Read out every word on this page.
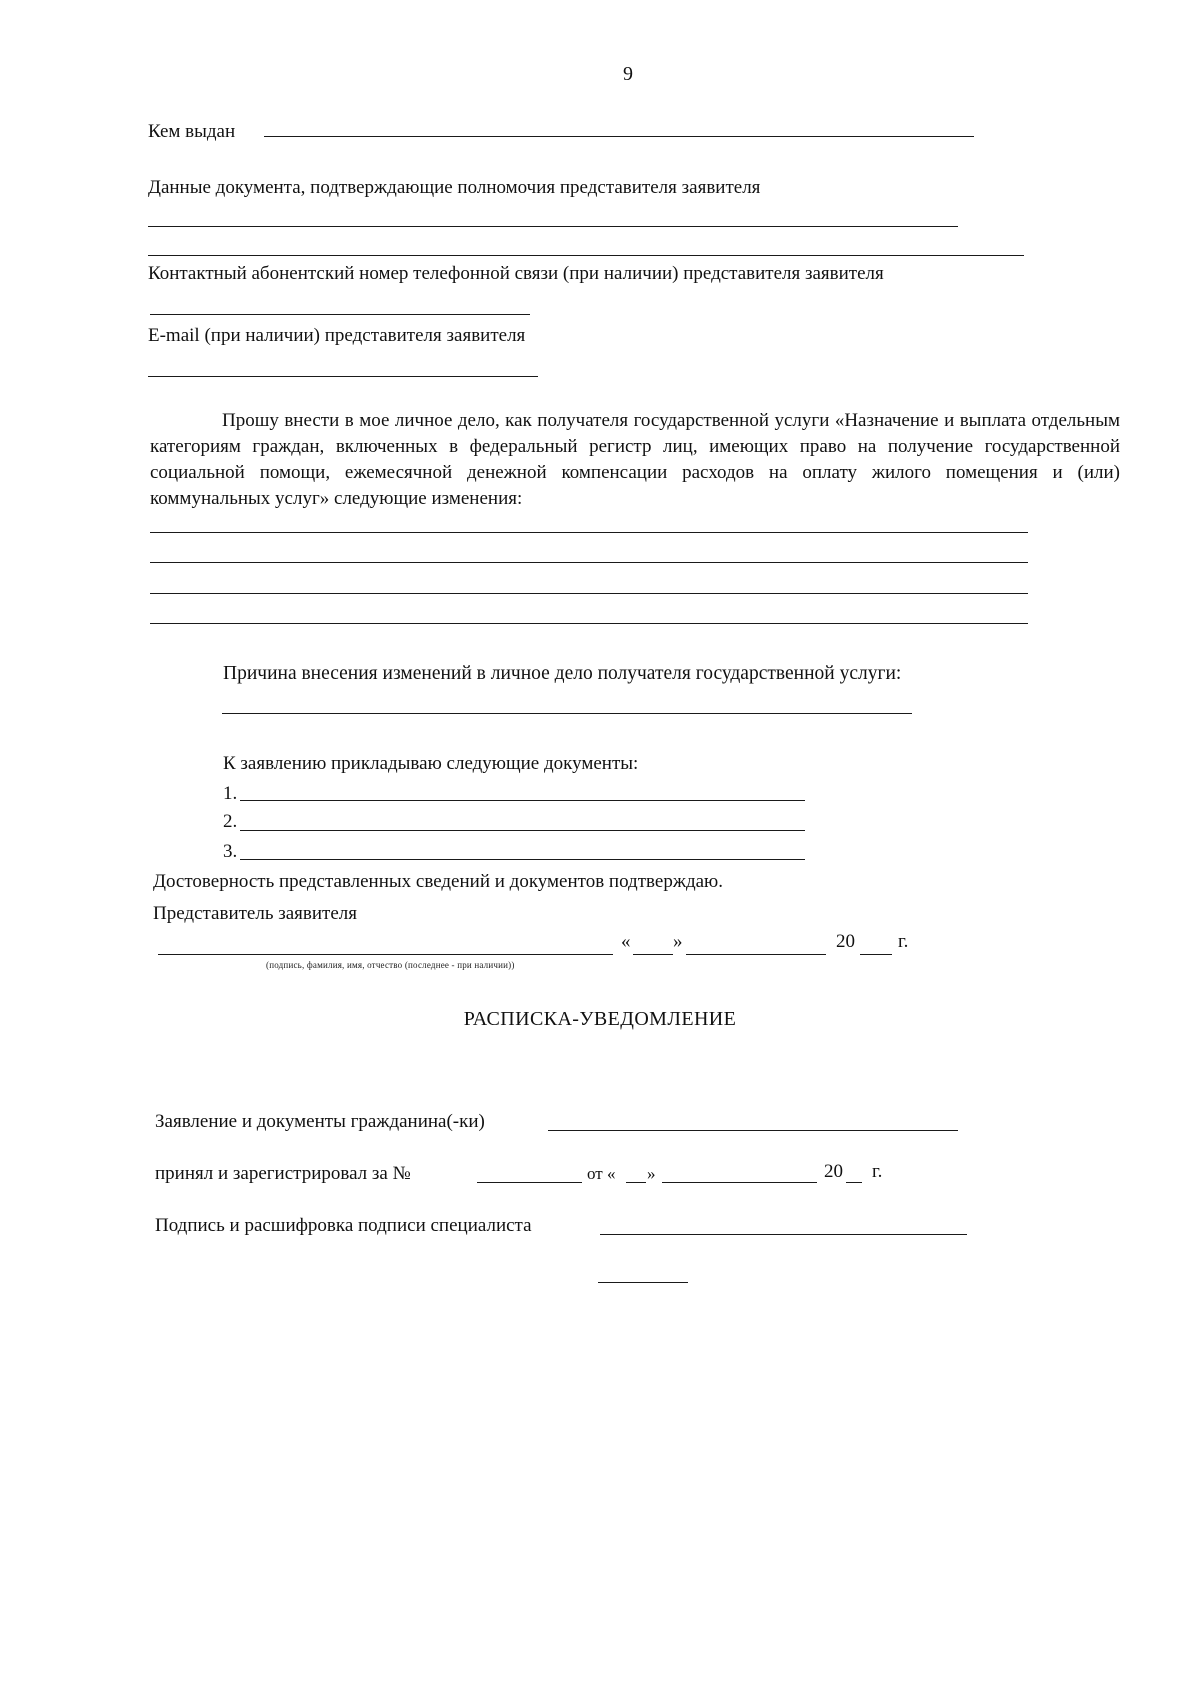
9
Кем выдан
Данные документа, подтверждающие полномочия представителя заявителя
Контактный абонентский номер телефонной связи (при наличии) представителя заявителя
E-mail (при наличии) представителя заявителя
Прошу внести в мое личное дело, как получателя государственной услуги «Назначение и выплата отдельным категориям граждан, включенных в федеральный регистр лиц, имеющих право на получение государственной социальной помощи, ежемесячной денежной компенсации расходов на оплату жилого помещения и (или) коммунальных услуг» следующие изменения:
Причина внесения изменений в личное дело получателя государственной услуги:
К заявлению прикладываю следующие документы:
1.
2.
3.
Достоверность представленных сведений и документов подтверждаю.
Представитель заявителя
« »	20 г.
(подпись, фамилия, имя, отчество (последнее - при наличии))
РАСПИСКА-УВЕДОМЛЕНИЕ
Заявление и документы гражданина(-ки)
принял и зарегистрировал за №	от « »	20 г.
Подпись и расшифровка подписи специалиста
